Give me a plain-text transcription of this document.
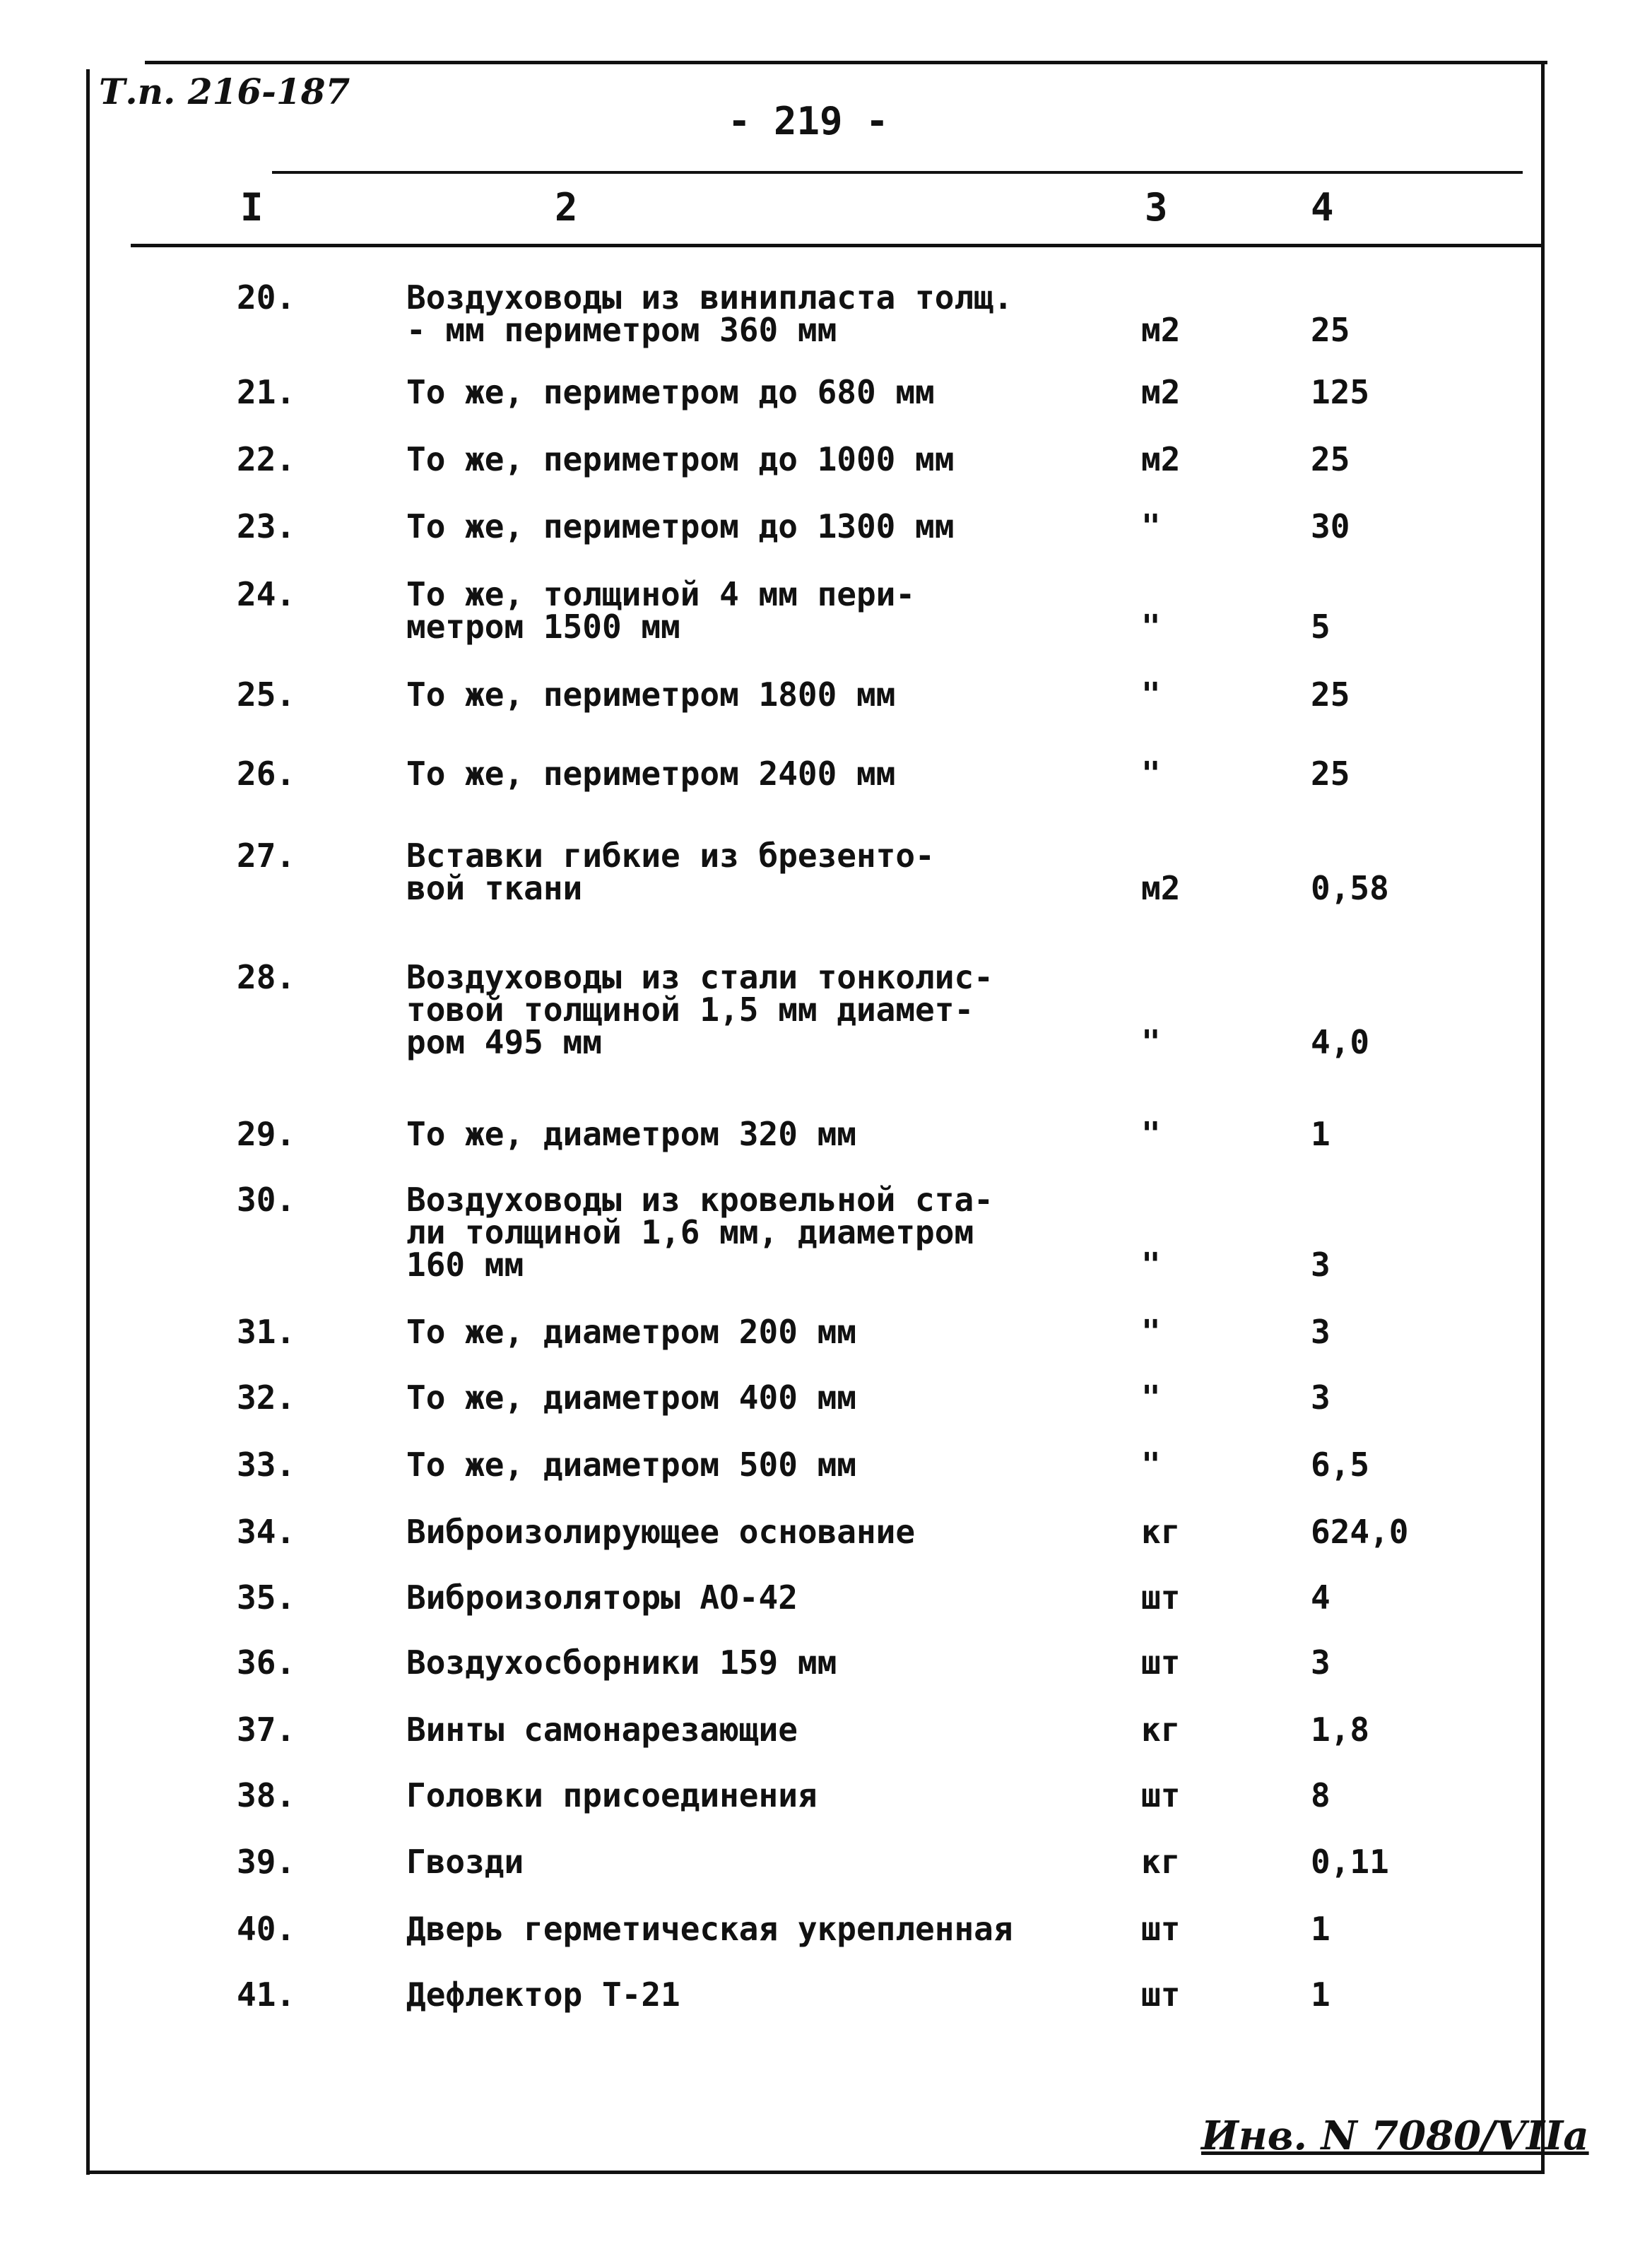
Т.п. 216-187
- 219 -
I	2	3	4
20.	Воздуховоды из винипласта толщ.
- мм периметром 360 мм	м2	25
21.	То же, периметром до 680 мм	м2	125
22.	То же, периметром до 1000 мм	м2	25
23.	То же, периметром до 1300 мм	"	30
24.	То же, толщиной 4 мм пери-
метром 1500 мм	"	5
25.	То же, периметром 1800 мм	"	25
26.	То же, периметром 2400 мм	"	25
27.	Вставки гибкие из брезенто-
вой ткани	м2	0,58
28.	Воздуховоды из стали тонколис-
товой толщиной 1,5 мм диамет-
ром 495 мм	"	4,0
29.	То же, диаметром 320 мм	"	1
30.	Воздуховоды из кровельной ста-
ли толщиной 1,6 мм, диаметром
160 мм	"	3
31.	То же, диаметром 200 мм	"	3
32.	То же, диаметром 400 мм	"	3
33.	То же, диаметром 500 мм	"	6,5
34.	Виброизолирующее основание	кг	624,0
35.	Виброизоляторы АО-42	шт	4
36.	Воздухосборники 159 мм	шт	3
37.	Винты самонарезающие	кг	1,8
38.	Головки присоединения	шт	8
39.	Гвозди	кг	0,11
40.	Дверь герметическая укрепленная	шт	1
41.	Дефлектор Т-21	шт	1
Инв. N 7080/VIIа
